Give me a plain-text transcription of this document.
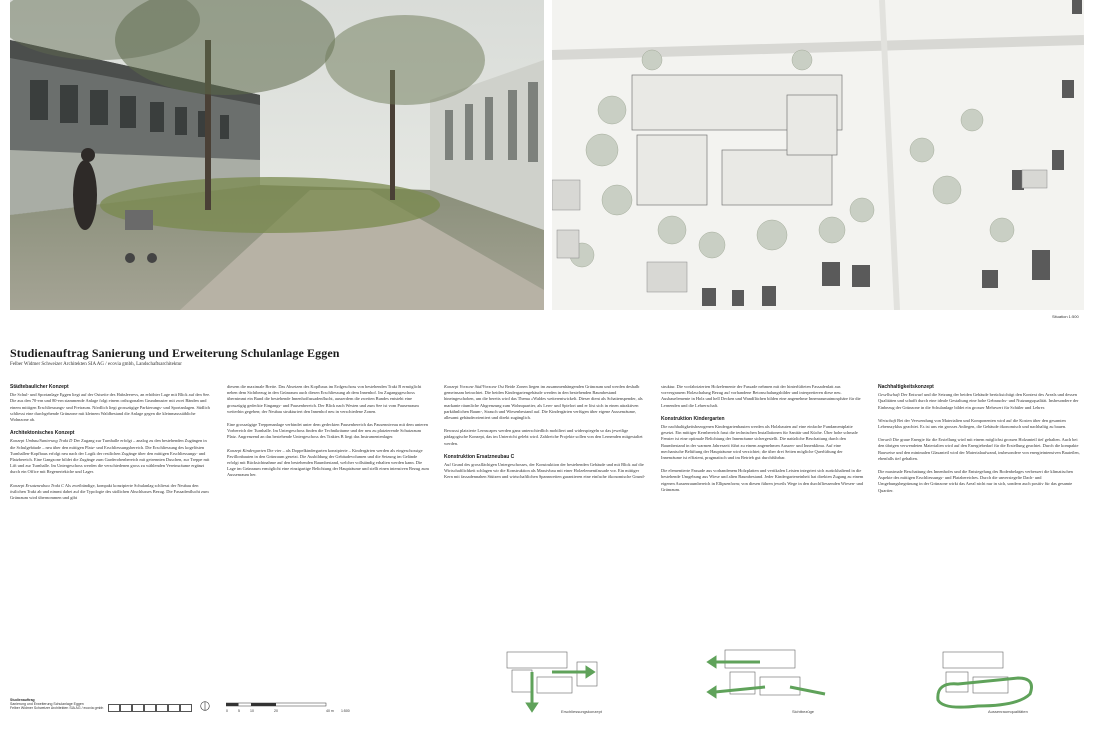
Situation 1:500
Studienauftrag Sanierung und Erweiterung Schulanlage Eggen
Felber Widmer Schweizer Architekten SIA AG / ecovia gmbh, Landschaftsarchitektur
Städtebaulicher Konzept

Die Schul- und Sportanlage Eggen liegt auf der Ostseite des Habsleerevs, an erhöhter Lage mit Blick auf den See. Die aus den 70-ern und 80-ern stammende Anlage folgt einem orthogonalen Grundmuster mit zwei Bänden und einem mittigen Erschliessungs- und Freiraum. Nördlich liegt grosszügige Parkierungs- und Sportanlagen. Südlich schliesst eine durchgehende Grünzone mit kleinem Waldbestand die Anlage gegen die kleinmassstäbliche Wohnzone ab.

Architektonisches Konzept

Konzept Umbau/Sanierung Trakt D Der Zugang zur Turnhalle erfolgt – analog zu den bestehenden Zugängen in die Schulgebäude – neu über den mittigen Platz- und Erschliessungsbereich. Die Erschliessung des kogelösten Turnhallen-Kopfbaus erfolgt neu nach der Logik der restlichen Zugänge über den mittigen Erschliessungs- und Platzbereich. Eine Gangzone bildet die Zugänge zum Garderobenbereich mit getrennten Duschen, zur Treppe mit Lift und zur Turnhalle. Im Untergeschoss werden die verschiedenen gross zu wählenden Vereinsräume ergänzt durch ein Office mit Regeneriekiche und Lager.

Konzept Ersatzneubau Trakt C Als zweibündige, kompakt konzipierte Schulanlag schliesst der Neubau den östlichen Trakt ab und nimmt dabei auf die Typologie des südlichen Abschlusses Bezug. Die Fassadenflucht zum Grünraum wird übernommen und gibt

diesem die maximale Breite. Das Absetzen des Kopfbaus im Erdgeschoss von bestehenden Trakt B ermöglicht neben dem Sichtbezug in den Grünraum auch diesen Erschliessung ab dem Innenhof. Im Zugangsgeschoss übernimmt ein Bund die bestehende Innenhoffassadenflucht, ausserdem die zweiten Bundes entsteht eine grosszügig gedeckte Eingangs- und Pausenbereich. Der Blick nach Westen und zum See ist vom Pausenraum weiterhin gegeben; der Neubau strukturiert den Innenhof neu in verschiedene Zonen.

Eine grosszügige Treppenanlage verbindet unter dem gedeckten Pausenbereich das Pausenniveau mit dem unteren Vorbereich der Turnhalle. Im Untergeschoss finden die Technikräume und der neu zu platzierende Schutzraum Platz. Angrenzend an das bestehende Untergeschoss des Traktes B liegt das Instrumentenlager.

Konzept Kindergarten Die vier – als Doppelkindergarten konzipierte – Kindergärten werden als eingeschossige Pavillonbauten in den Grünraum gesetzt. Die Ausbildung der Gebäudevolumen und die Setzung im Gelände erfolgt mit Rücksichtnahme auf den bestehenden Baumbestand, welcher vollständig erhalten werden kann. Die Lage im Grünraum ermöglicht eine einzigartige Belichtung der Haupträume und stellt einen intensiven Bezug zum Aussenraum her.

Konzept Vorzone Süd/Vorzone Ost Beide Zonen liegen im zusammenhängenden Grünraum und werden deshalb gemeinsam betrachtet. Die beiden Kindergartengebäude werden in den bestehenden Baumbestand hineingeschoben, um die bereits wird das Thema «Waldes weiterentwickelt. Dieser dient als Schattenspender, als markante räumliche Abgrenzung zum Wohnquartier, als Lern- und Spielort und er löst sich in einen attraktiven parkähnlichen Baum-, Strauch und Wiesenbestand auf. Die Kindergärten verfügen über eigene Aussenräume, allesamt gebäudeorientiert und direkt zugänglich.

Bewusst platzierte Lernscapes werden ganz unterschiedlich mobiliert und widerspiegeln so das jeweilige pädagogische Konzept, das im Unterricht gelebt wird. Zahlreiche Projekte sollen von den Lernenden mitgestaltet werden.

Konstruktion Ersatzneubau C

Auf Grund des grossflächigen Untergeschosses, der Konstruktion der bestehenden Gebäude und mit Blick auf die Wirtschaftlichkeit schlagen wir die Konstruktion als Massivbau mit einer Holzelementfassade vor. Ein mittiger Kern mit fassadennahen Stützen und wirtschaftlichen Spannweiten garantieren eine einfache ökonomische Grund-

struktur. Die vorfabrizierten Holzelemente der Fassade nehmen mit der hinterlüfteten Fassadenlatt aus vorvergrauem Holzschalung Bezug auf vorhandene Betonschalungsbilder und interpretieren diese neu. Ausbauelemente in Holz und hell Decken und Wandflächen bilden eine angenehme Innenraumatmosphäre für die Lernenden und die Lehrerschaft.

Konstruktion Kindergarten

Die nachhaltigkeitsbezogenen Kindergartenbauten werden als Holzbauten auf eine einfache Fundamentplatte gesetzt. Ein mittiger Kernbereich fasst die technischen Installationen für Sanitär und Küche. Über hohe schmale Fenster ist eine optimale Belichtung der Innenräume sichergestellt. Die natürliche Beschattung durch den Baumbestand in der warmen Jahreszeit führt zu einem angenehmen Aussen- und Innenklima. Auf eine mechanische Belüftung der Haupträume wird verzichtet; die über drei Seiten mögliche Querlüftung der Innenräume ist effizient, pragmatisch und im Betrieb gut durchführbar.

Die elementierte Fassade aus vorhandenem Holzplatten und vertikalen Leisten integriert sich zurückhaltend in die bestehende Umgebung aus Wiese und alten Baumbestand. Jeder Kindergarteneinheit hat direkten Zugang zu einem eigenen Aussenraumbereich in Ellipsenform; von diesen führen jeweils Wege in den durchfliessenden Wiesen- und Grünraum.

Nachhaltigkeitskonzept

Gesellschaft Der Entwurf und die Setzung der beiden Gebäude berücksichtigt den Kontext des Areals und dessen Qualitäten und schafft durch eine ideale Gestaltung eine hohe Gebrauchs- und Nutzungsqualität. Insbesondere der Einbezug der Grünzone in die Schulanlage bildet ein grosser Mehrwert für Schüler und Lehrer.

Wirtschaft Bei der Verwendung von Materialien und Komponenten wird auf die Kosten über den gesamten Lebenszyklus geachtet. Es ist uns ein grosses Anliegen, die Gebäude ökonomisch und nachhaltig zu bauen.

Umwelt Die graue Energie für die Erstellung wird mit einem möglichst grossen Holzanteil tief gehalten. Auch bei den übrigen verwendeten Materialien wird auf den Energiebedarf für die Erstellung geachtet. Durch die kompakte Bauweise und den minimalen Glasanteil wird der Materialaufwand, insbesondere von energieintensiven Bauteilen, ebenfalls tief gehalten.

Die maximale Beschattung des Innenhofes und die Entsiegelung des Bodenbelages verbessert die klimatischen Aspekte des mittigen Erschliessungs- und Platzbereiches. Durch die unversiegelte Dach- und Umgebungsbegrünung in der Grünzone wirkt das Areal nicht nur in sich, sondern auch positiv für das gesamte Quartier.

Erschliessungskonzept	Sichtbezüge	Aussenraumqualitäten
Studienauftrag
Sanierung und Erweiterung Schulanlage Eggen
Felber Widmer Schweizer Architekten SIA AG / ecovia gmbh
0	5	10	20	40 m 1:500
